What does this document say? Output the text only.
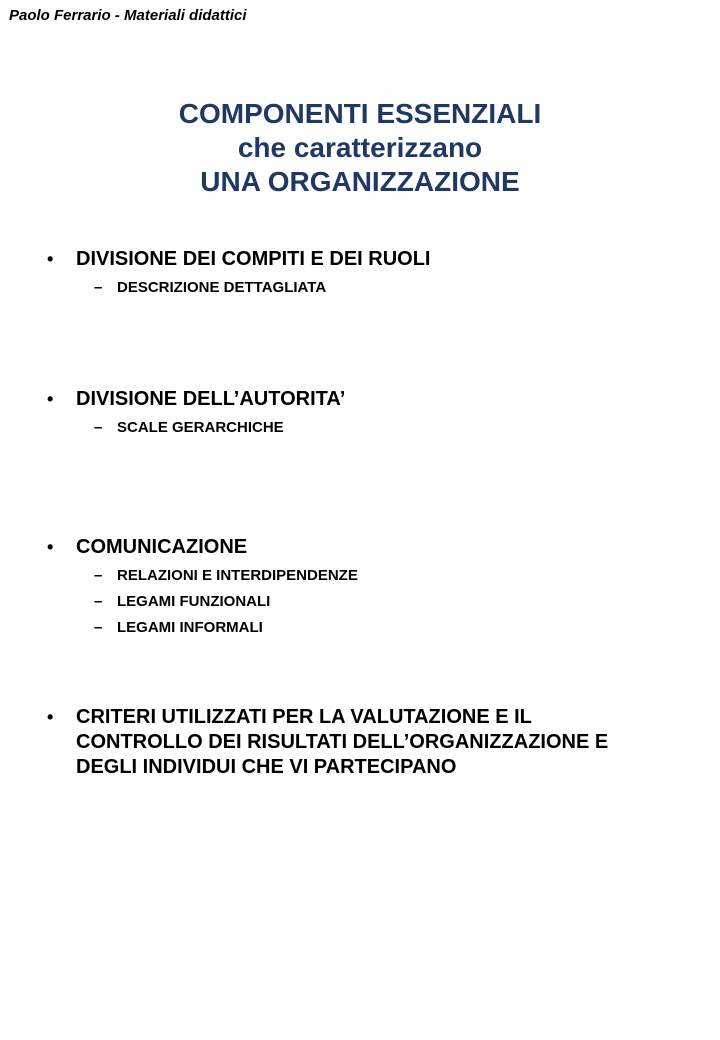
Paolo Ferrario - Materiali didattici
COMPONENTI ESSENZIALI
che caratterizzano
UNA ORGANIZZAZIONE
• DIVISIONE DEI COMPITI E DEI RUOLI
– DESCRIZIONE DETTAGLIATA
• DIVISIONE DELL’AUTORITA’
– SCALE GERARCHICHE
• COMUNICAZIONE
– RELAZIONI E INTERDIPENDENZE
– LEGAMI FUNZIONALI
– LEGAMI INFORMALI
• CRITERI UTILIZZATI PER LA VALUTAZIONE E IL CONTROLLO DEI RISULTATI DELL’ORGANIZZAZIONE E DEGLI INDIVIDUI CHE VI PARTECIPANO
